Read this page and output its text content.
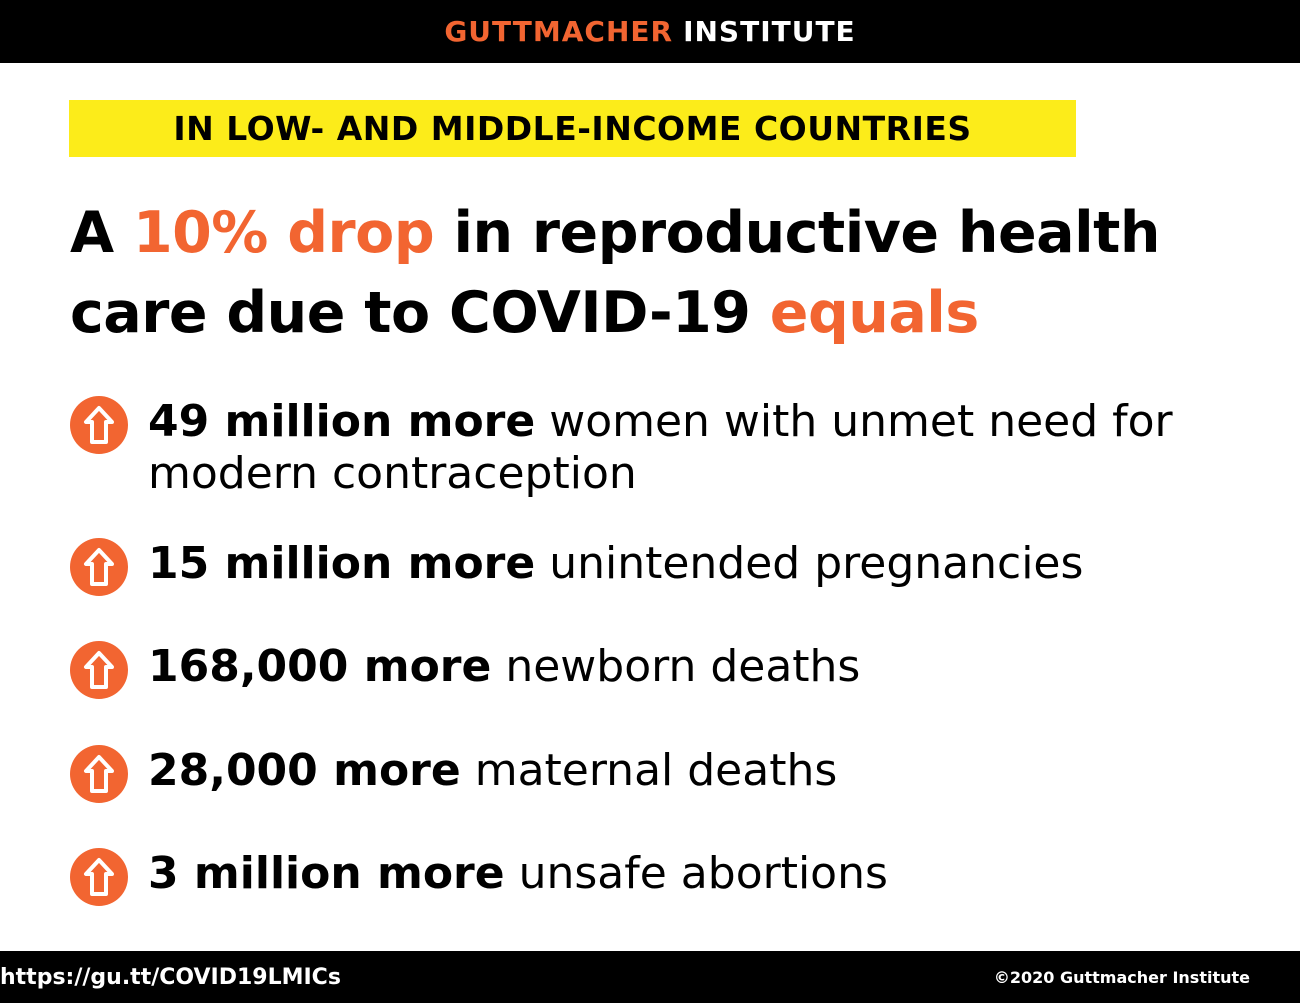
GUTTMACHER INSTITUTE
IN LOW- AND MIDDLE-INCOME COUNTRIES
A 10% drop in reproductive health care due to COVID-19 equals
49 million more women with unmet need for modern contraception
15 million more unintended pregnancies
168,000 more newborn deaths
28,000 more maternal deaths
3 million more unsafe abortions
https://gu.tt/COVID19LMICs	©2020 Guttmacher Institute
